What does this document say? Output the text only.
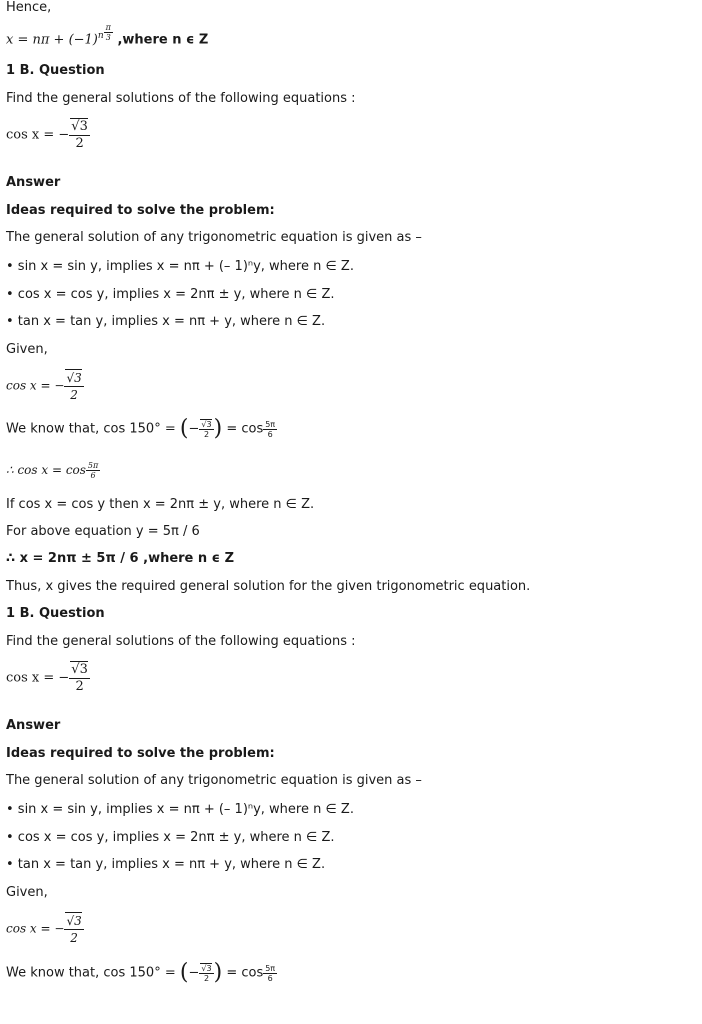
Hence,
$x = n\pi + (-1)^{n \frac{\pi}{3}}$ ,where n ϵ Z
1 B. Question
Find the general solutions of the following equations :
cos x = − $\frac{√3}{2}$
Answer
Ideas required to solve the problem:
The general solution of any trigonometric equation is given as –
• sin x = sin y, implies x = nπ + (– 1)ⁿy, where n ∈ Z.
• cos x = cos y, implies x = 2nπ ± y, where n ∈ Z.
• tan x = tan y, implies x = nπ + y, where n ∈ Z.
Given,
cos x = − $\frac{√3}{2}$
We know that, cos 150° = (− $\frac{√3}{2}$ ) = $\cos \frac{5\pi}{6}$
∴ $\cos x = \cos \frac{5\pi}{6}$
If cos x = cos y then x = 2nπ ± y, where n ∈ Z.
For above equation y = 5π / 6
∴ x = 2nπ ± 5π / 6 ,where n ϵ Z
Thus, x gives the required general solution for the given trigonometric equation.
1 B. Question
Find the general solutions of the following equations :
cos x = − $\frac{√3}{2}$
Answer
Ideas required to solve the problem:
The general solution of any trigonometric equation is given as –
• sin x = sin y, implies x = nπ + (– 1)ⁿy, where n ∈ Z.
• cos x = cos y, implies x = 2nπ ± y, where n ∈ Z.
• tan x = tan y, implies x = nπ + y, where n ∈ Z.
Given,
cos x = − $\frac{√3}{2}$
We know that, cos 150° = (− $\frac{√3}{2}$ ) = $\cos \frac{5\pi}{6}$
